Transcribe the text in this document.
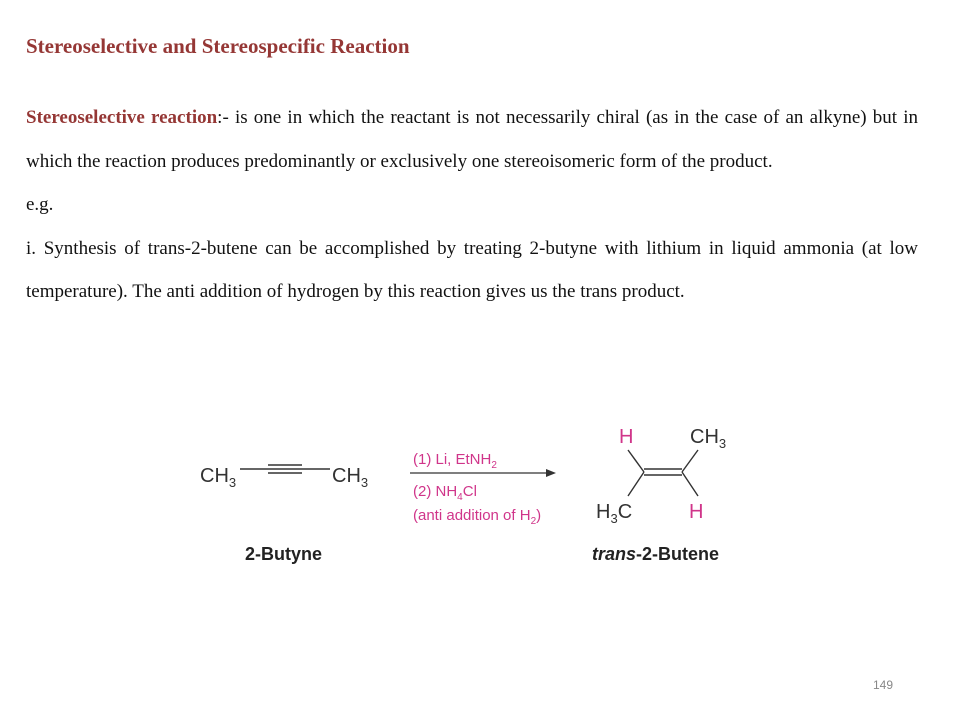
Stereoselective and Stereospecific Reaction

Stereoselective reaction:- is one in which the reactant is not necessarily chiral (as in the case of an alkyne) but in which the reaction produces predominantly or exclusively one stereoisomeric form of the product.

e.g.

i. Synthesis of trans-2-butene can be accomplished by treating 2-butyne with lithium in liquid ammonia (at low temperature). The anti addition of hydrogen by this reaction gives us the trans product.

$CH_3$	$CH_3$
2-Butyne
(1) Li, EtNH$_2$
(2) $NH_4Cl$
(anti addition of $H_2$)
H	$CH_3$
$H_3C$	H
trans-2-Butene
149
